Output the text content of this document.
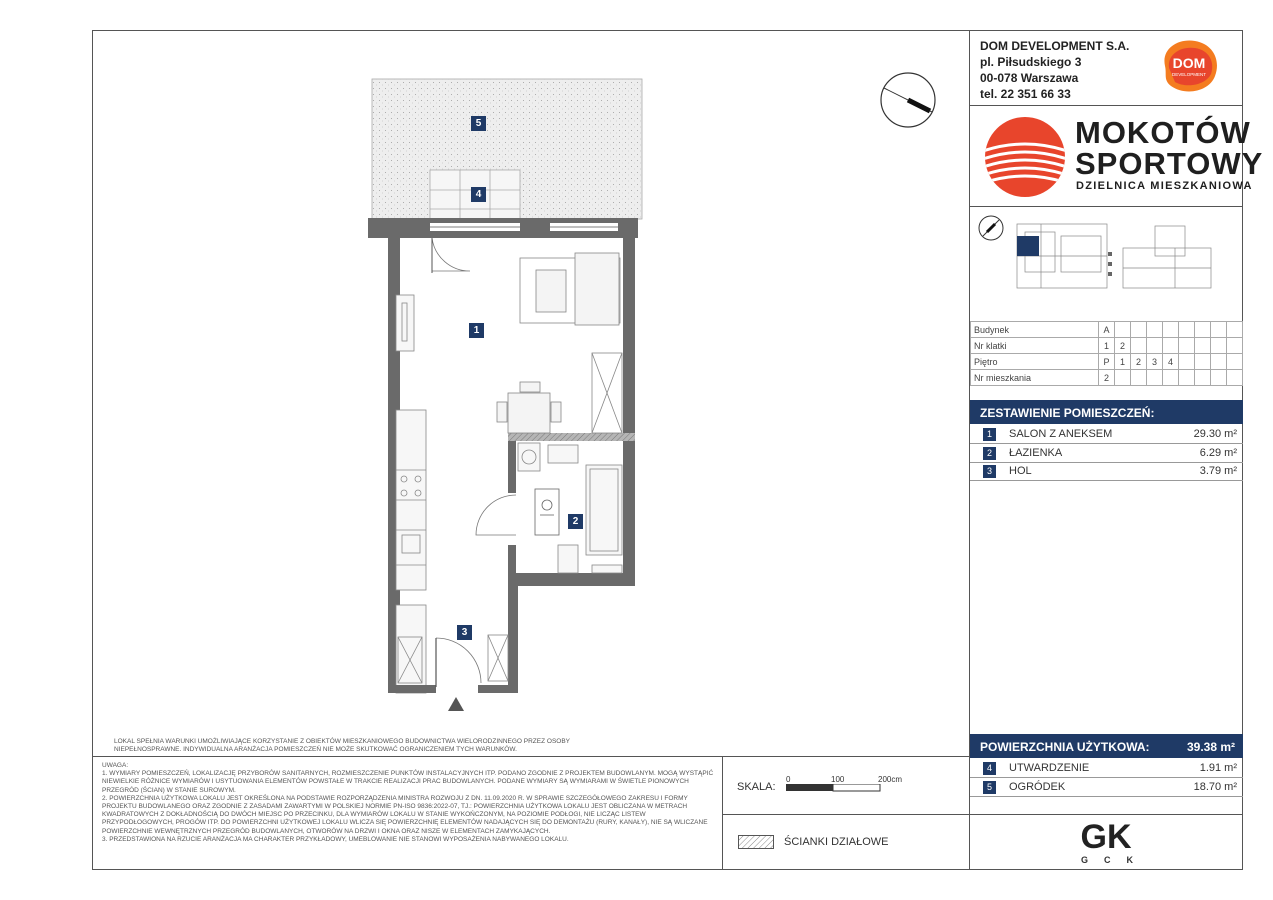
DOM DEVELOPMENT S.A.
pl. Piłsudskiego 3
00-078 Warszawa
tel. 22 351 66 33
DOM
DEVELOPMENT
MOKOTÓW
SPORTOWY
DZIELNICA MIESZKANIOWA
Budynek	A								
Nr klatki	1	2							
Piętro	P	1	2	3	4				
Nr mieszkania	2								
ZESTAWIENIE POMIESZCZEŃ:
1	SALON Z ANEKSEM	29.30 m²
2	ŁAZIENKA	6.29 m²
3	HOL	3.79 m²
POWIERZCHNIA UŻYTKOWA:	39.38 m²
4	UTWARDZENIE	1.91 m²
5	OGRÓDEK	18.70 m²
5
4
1
2
3
LOKAL SPEŁNIA WARUNKI UMOŻLIWIAJĄCE KORZYSTANIE Z OBIEKTÓW MIESZKANIOWEGO BUDOWNICTWA WIELORODZINNEGO PRZEZ OSOBY NIEPEŁNOSPRAWNE. INDYWIDUALNA ARANŻACJA POMIESZCZEŃ NIE MOŻE SKUTKOWAĆ OGRANICZENIEM TYCH WARUNKÓW.
UWAGA:
1. WYMIARY POMIESZCZEŃ, LOKALIZACJĘ PRZYBORÓW SANITARNYCH, ROZMIESZCZENIE PUNKTÓW INSTALACYJNYCH ITP. PODANO ZGODNIE Z PROJEKTEM BUDOWLANYM. MOGĄ WYSTĄPIĆ NIEWIELKIE RÓŻNICE WYMIARÓW I USYTUOWANIA ELEMENTÓW POWSTAŁE W TRAKCIE REALIZACJI PRAC BUDOWLANYCH. PODANE WYMIARY SĄ WYMIARAMI W ŚWIETLE PIONOWYCH PRZEGRÓD (ŚCIAN) W STANIE SUROWYM.
2. POWIERZCHNIA UŻYTKOWA LOKALU JEST OKREŚLONA NA PODSTAWIE ROZPORZĄDZENIA MINISTRA ROZWOJU Z DN. 11.09.2020 R. W SPRAWIE SZCZEGÓŁOWEGO ZAKRESU I FORMY PROJEKTU BUDOWLANEGO ORAZ ZGODNIE Z ZASADAMI ZAWARTYMI W POLSKIEJ NORMIE PN-ISO 9836:2022-07, TJ.: POWIERZCHNIA UŻYTKOWA LOKALU JEST OBLICZANA W METRACH KWADRATOWYCH Z DOKŁADNOŚCIĄ DO DWÓCH MIEJSC PO PRZECINKU, DLA WYMIARÓW LOKALU W STANIE WYKOŃCZONYM, NA POZIOMIE PODŁOGI, NIE LICZĄC LISTEW PRZYPODŁOGOWYCH, PROGÓW ITP. DO POWIERZCHNI UŻYTKOWEJ LOKALU WLICZA SIĘ POWIERZCHNIĘ ELEMENTÓW NADAJĄCYCH SIĘ DO DEMONTAŻU (RURY, KANAŁY), NIE SĄ WLICZANE POWIERZCHNIE WEWNĘTRZNYCH PRZEGRÓD BUDOWLANYCH, OTWORÓW NA DRZWI I OKNA ORAZ NISZE W ELEMENTACH ZAMYKAJĄCYCH.
3. PRZEDSTAWIONA NA RZUCIE ARANŻACJA MA CHARAKTER PRZYKŁADOWY, UMEBLOWANIE NIE STANOWI WYPOSAŻENIA NABYWANEGO LOKALU.
SKALA:
0	100	200cm
ŚCIANKI DZIAŁOWE	GK
GCK
